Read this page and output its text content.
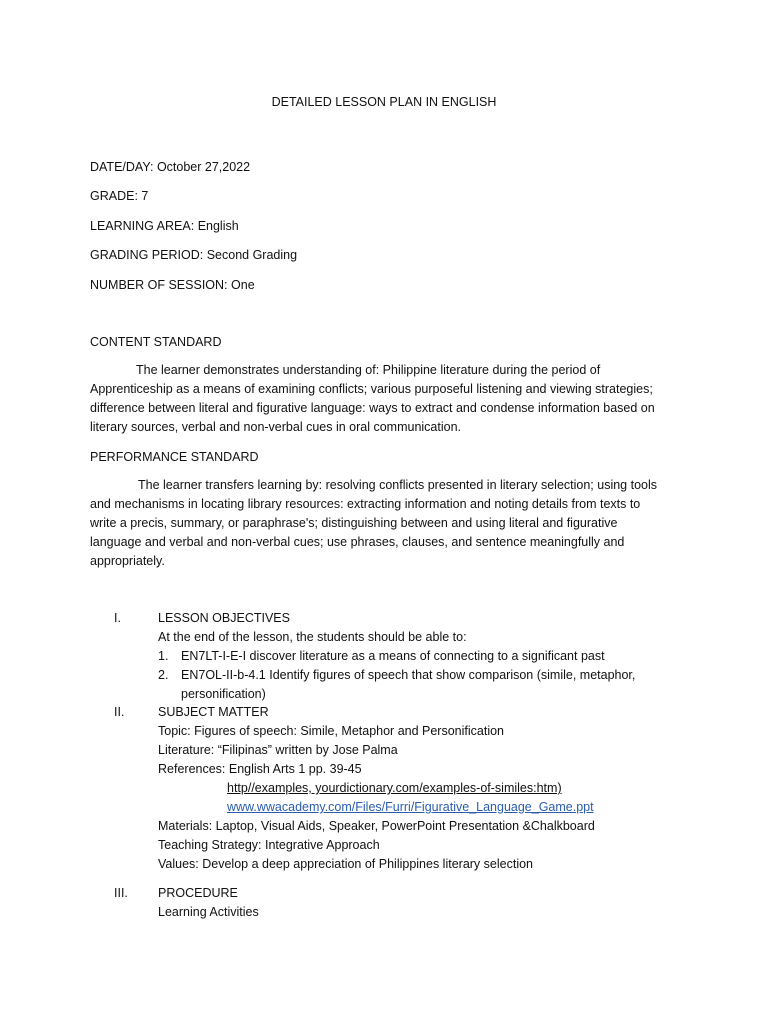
DETAILED LESSON PLAN IN ENGLISH
DATE/DAY: October 27,2022
GRADE: 7
LEARNING AREA: English
GRADING PERIOD: Second Grading
NUMBER OF SESSION: One
CONTENT STANDARD
The learner demonstrates understanding of: Philippine literature during the period of
Apprenticeship as a means of examining conflicts; various purposeful listening and viewing strategies;
difference between literal and figurative language: ways to extract and condense information based on
literary sources, verbal and non-verbal cues in oral communication.
PERFORMANCE STANDARD
The learner transfers learning by: resolving conflicts presented in literary selection; using tools
and mechanisms in locating library resources: extracting information and noting details from texts to
write a precis, summary, or paraphrase's; distinguishing between and using literal and figurative
language and verbal and non-verbal cues; use phrases, clauses, and sentence meaningfully and
appropriately.
I.	LESSON OBJECTIVES
At the end of the lesson, the students should be able to:
1. EN7LT-I-E-I discover literature as a means of connecting to a significant past
2. EN7OL-II-b-4.1 Identify figures of speech that show comparison (simile, metaphor,
personification)
II.	SUBJECT MATTER
Topic: Figures of speech: Simile, Metaphor and Personification
Literature: “Filipinas” written by Jose Palma
References: English Arts 1 pp. 39-45
http//examples, yourdictionary.com/examples-of-similes:htm)
www.wwacademy.com/Files/Furri/Figurative_Language_Game.ppt
Materials: Laptop, Visual Aids, Speaker, PowerPoint Presentation &Chalkboard
Teaching Strategy: Integrative Approach
Values: Develop a deep appreciation of Philippines literary selection
III. PROCEDURE
Learning Activities
